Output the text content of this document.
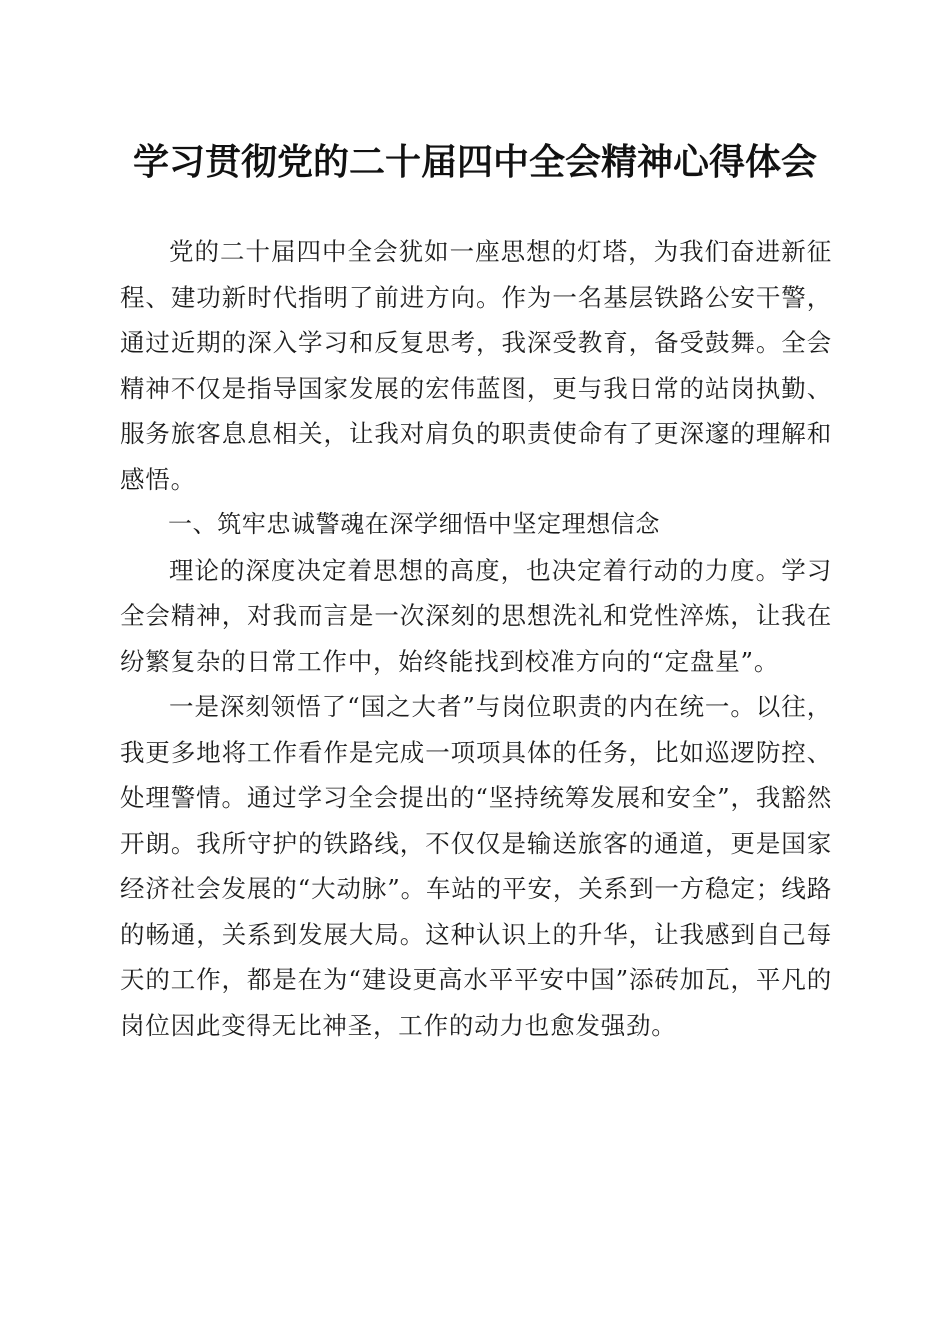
学习贯彻党的二十届四中全会精神心得体会

党的二十届四中全会犹如一座思想的灯塔，为我们奋进新征程、建功新时代指明了前进方向。作为一名基层铁路公安干警，通过近期的深入学习和反复思考，我深受教育，备受鼓舞。全会精神不仅是指导国家发展的宏伟蓝图，更与我日常的站岗执勤、服务旅客息息相关，让我对肩负的职责使命有了更深邃的理解和感悟。

一、筑牢忠诚警魂在深学细悟中坚定理想信念

理论的深度决定着思想的高度，也决定着行动的力度。学习全会精神，对我而言是一次深刻的思想洗礼和党性淬炼，让我在纷繁复杂的日常工作中，始终能找到校准方向的“定盘星”。

一是深刻领悟了“国之大者”与岗位职责的内在统一。以往，我更多地将工作看作是完成一项项具体的任务，比如巡逻防控、处理警情。通过学习全会提出的“坚持统筹发展和安全”，我豁然开朗。我所守护的铁路线，不仅仅是输送旅客的通道，更是国家经济社会发展的“大动脉”。车站的平安，关系到一方稳定；线路的畅通，关系到发展大局。这种认识上的升华，让我感到自己每天的工作，都是在为“建设更高水平平安中国”添砖加瓦，平凡的岗位因此变得无比神圣，工作的动力也愈发强劲。
